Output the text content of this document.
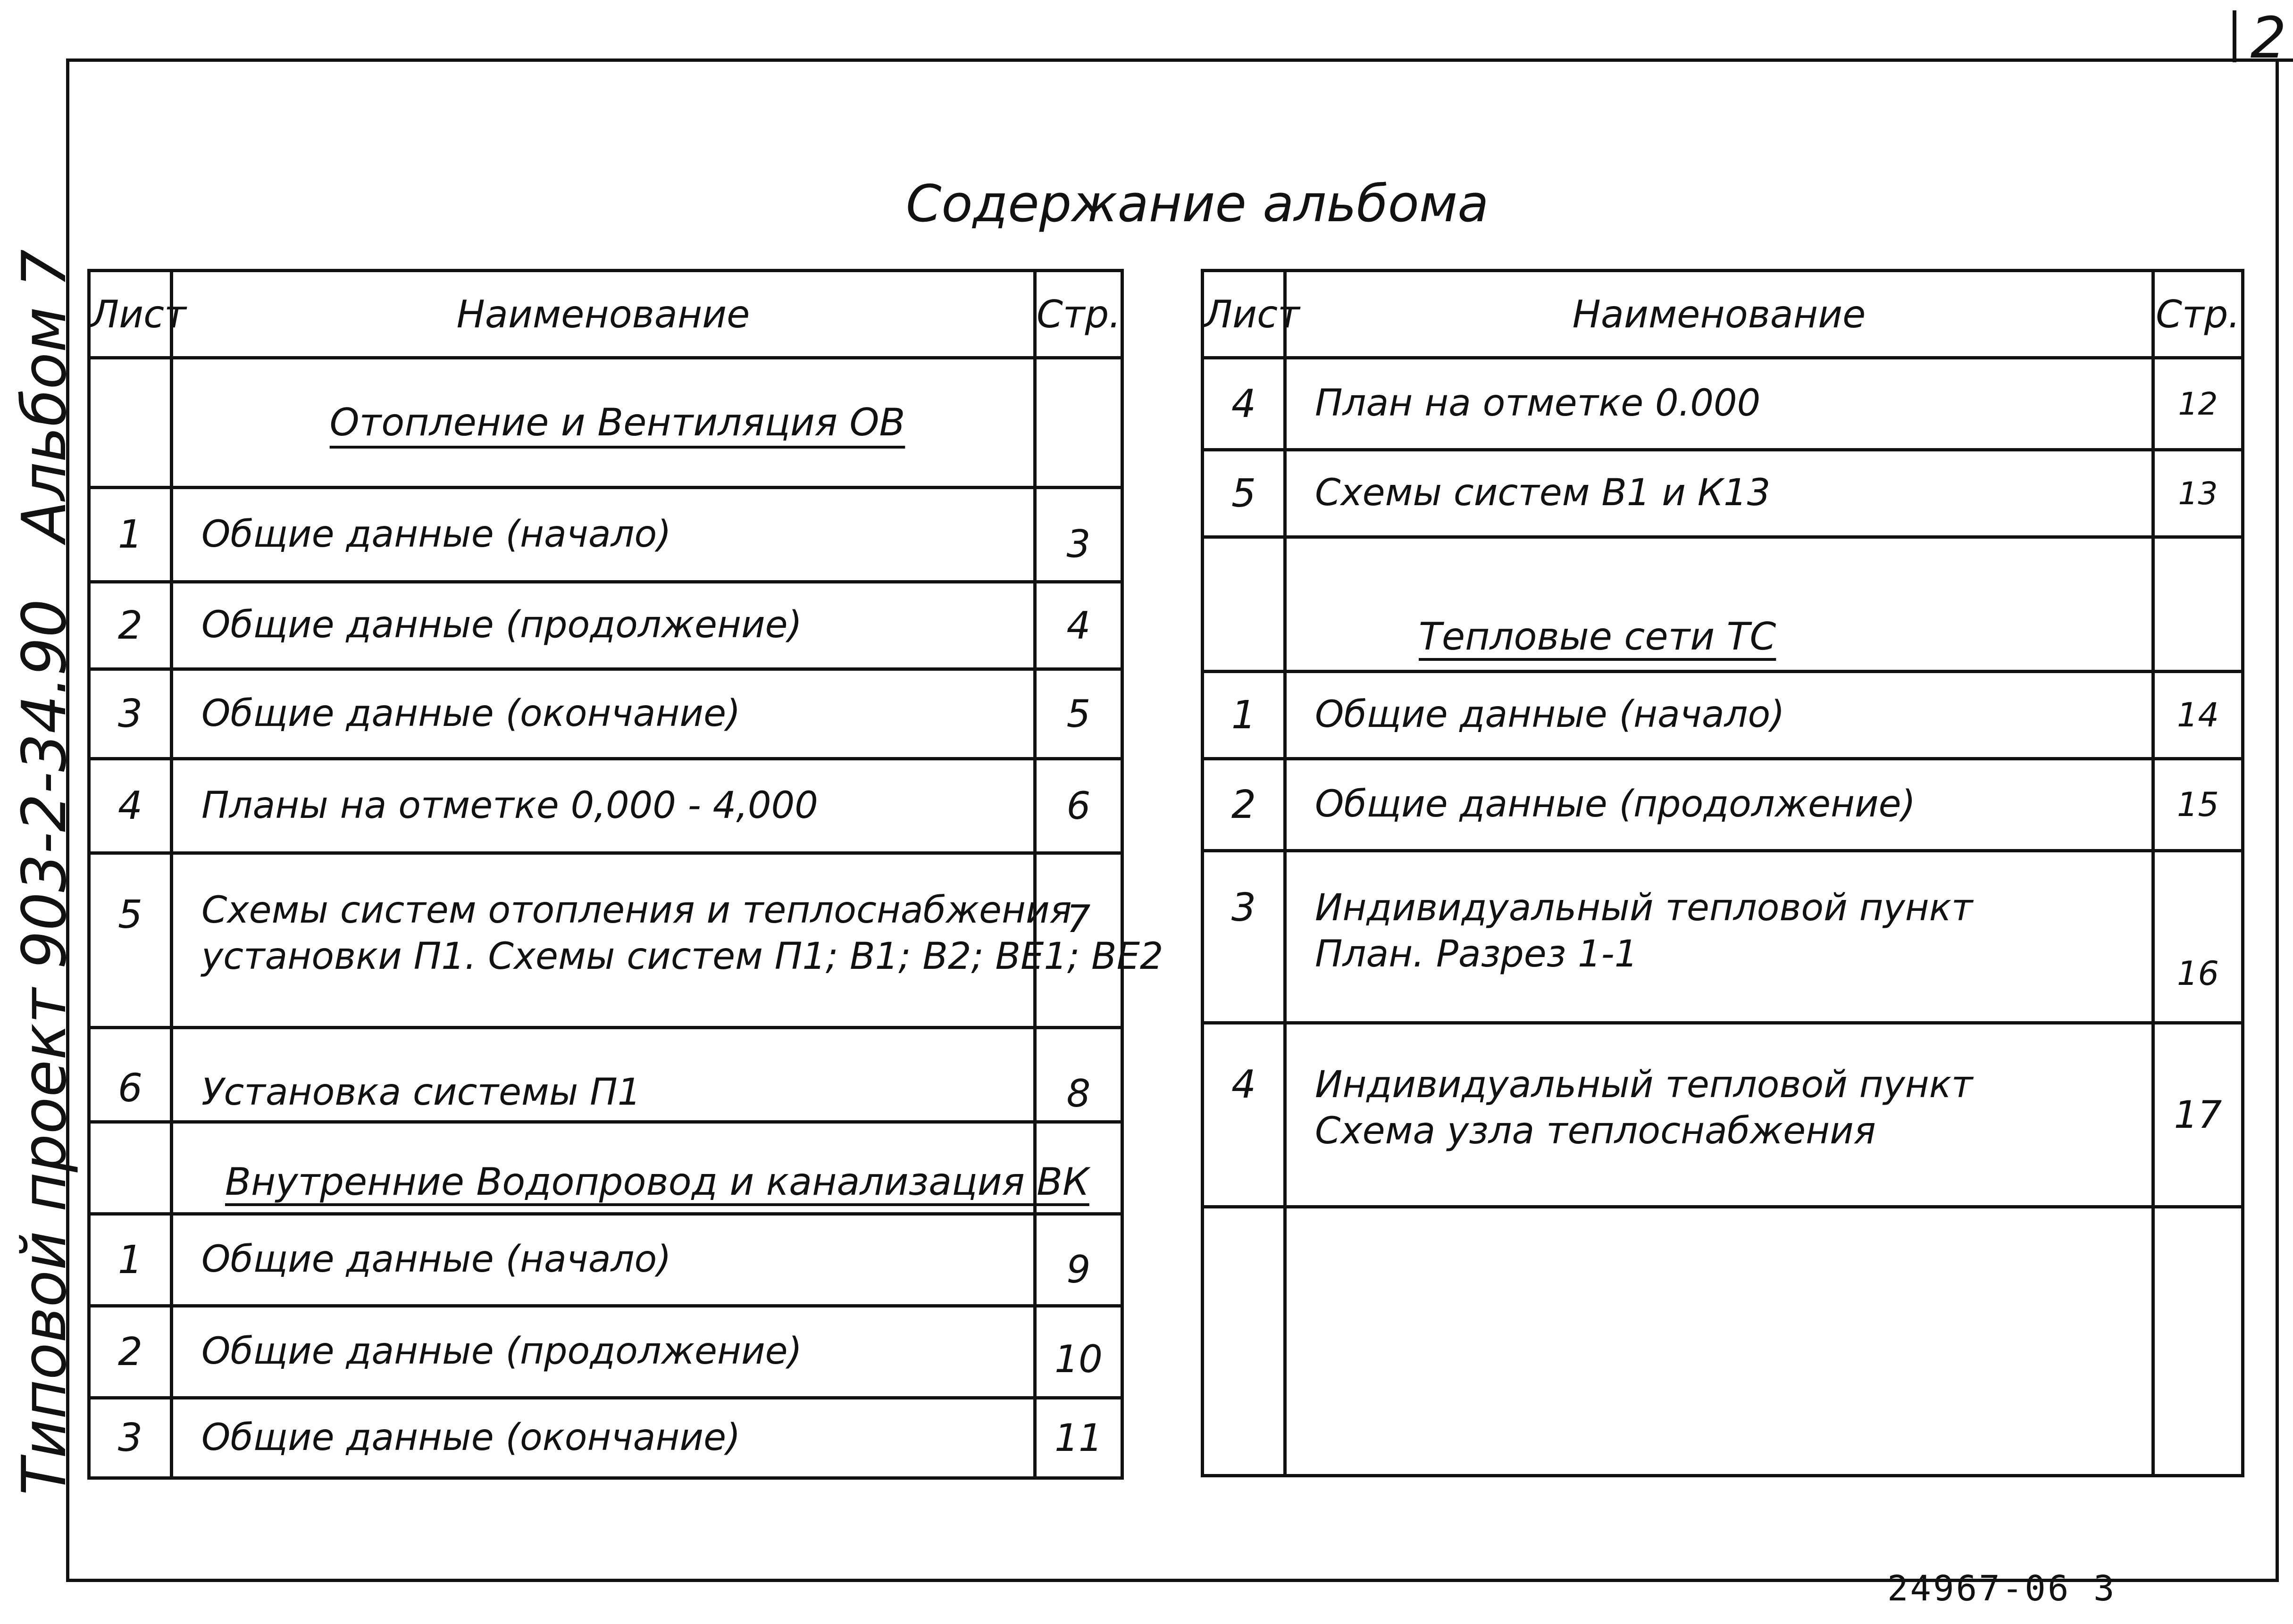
2
Типовой проект 903-2-34.90 Альбом 7
Содержание альбома
Лист	Наименование	Стр.
	Отопление и Вентиляция ОВ	
1	Общие данные (начало)	3
2	Общие данные (продолжение)	4
3	Общие данные (окончание)	5
4	Планы на отметке 0,000 - 4,000	6
5	Схемы систем отопления и теплоснабжения
установки П1. Схемы систем П1; В1; В2; ВЕ1; ВЕ2	7
6	Установка системы П1	8
	Внутренние Водопровод и канализация ВК	
1	Общие данные (начало)	9
2	Общие данные (продолжение)	10
3	Общие данные (окончание)	11
Лист	Наименование	Стр.
4	План на отметке 0.000	12
5	Схемы систем В1 и К13	13
	Тепловые сети ТС	
1	Общие данные (начало)	14
2	Общие данные (продолжение)	15
3	Индивидуальный тепловой пункт
План. Разрез 1-1	16
4	Индивидуальный тепловой пункт
Схема узла теплоснабжения	17

24967-06 3
